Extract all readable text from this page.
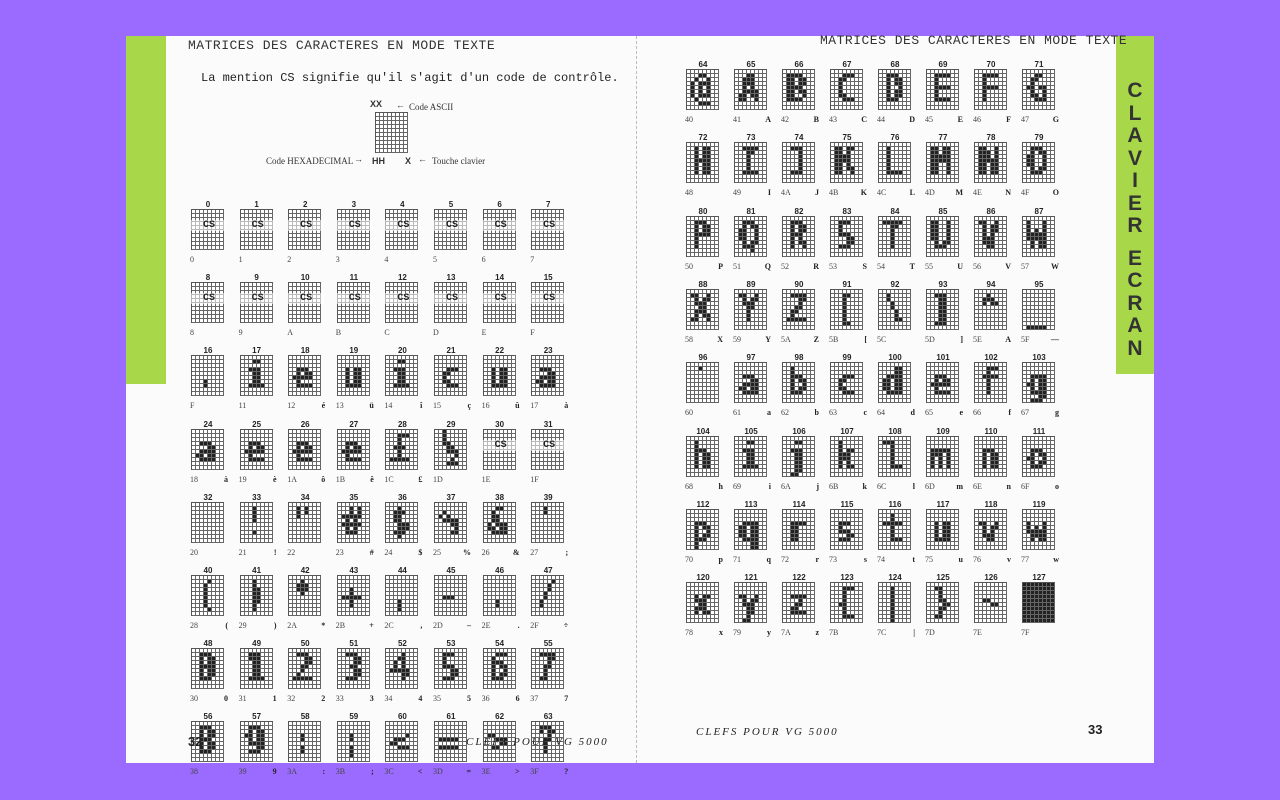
C
L
A
V
I
E
R

E
C
R
A
N
MATRICES DES CARACTERES EN MODE TEXTE	MATRICES DES CARACTERES EN MODE TEXTE
La mention CS signifie qu'il s'agit d'un code de contrôle.
XX ← Code ASCII
Code HEXADECIMAL → HH X ← Touche clavier
0
CS
0
1
CS
1
2
CS
2
3
CS
3
4
CS
4
5
CS
5
6
CS
6
7
CS
7
8
CS
8
9
CS
9
10
CS
A
11
CS
B
12
CS
C
13
CS
D
14
CS
E
15
CS
F
16
F
17
11
18
12	é
19
13	ü
20
14	î
21
15	ç
22
16	û
23
17	à
24
18	à
25
19	è
26
1A	ô
27
1B	ê
28
1C	£
29
1D
30
CS
1E
31
CS
1F
32
20
33
21	!
34
22
35
23	#
36
24	$
37
25	%
38
26	&
39
27	;
40
28	(
41
29	)
42
2A	*
43
2B	+
44
2C	,
45
2D	–
46
2E	.
47
2F	÷
48
30	0
49
31	1
50
32	2
51
33	3
52
34	4
53
35	5
54
36	6
55
37	7
56
38
57
39	9
58
3A	:
59
3B	;
60
3C	<
61
3D	=
62
3E	>
63
3F	?
64
40
65
41	A
66
42	B
67
43	C
68
44	D
69
45	E
70
46	F
71
47	G
72
48
73
49	I
74
4A	J
75
4B	K
76
4C	L
77
4D	M
78
4E	N
79
4F	O
80
50	P
81
51	Q
82
52	R
83
53	S
84
54	T
85
55	U
86
56	V
87
57	W
88
58	X
89
59	Y
90
5A	Z
91
5B	[
92
5C
93
5D	]
94
5E	A
95
5F	—
96
60
97
61	a
98
62	b
99
63	c
100
64	d
101
65	e
102
66	f
103
67	g
104
68	h
105
69	i
106
6A	j
107
6B	k
108
6C	l
109
6D	m
110
6E	n
111
6F	o
112
70	p
113
71	q
114
72	r
115
73	s
116
74	t
117
75	u
118
76	v
119
77	w
120
78	x
121
79	y
122
7A	z
123
7B
124
7C	|
125
7D
126
7E
127
7F
32	CLEFS POUR VG 5000
33
CLEFS POUR VG 5000
